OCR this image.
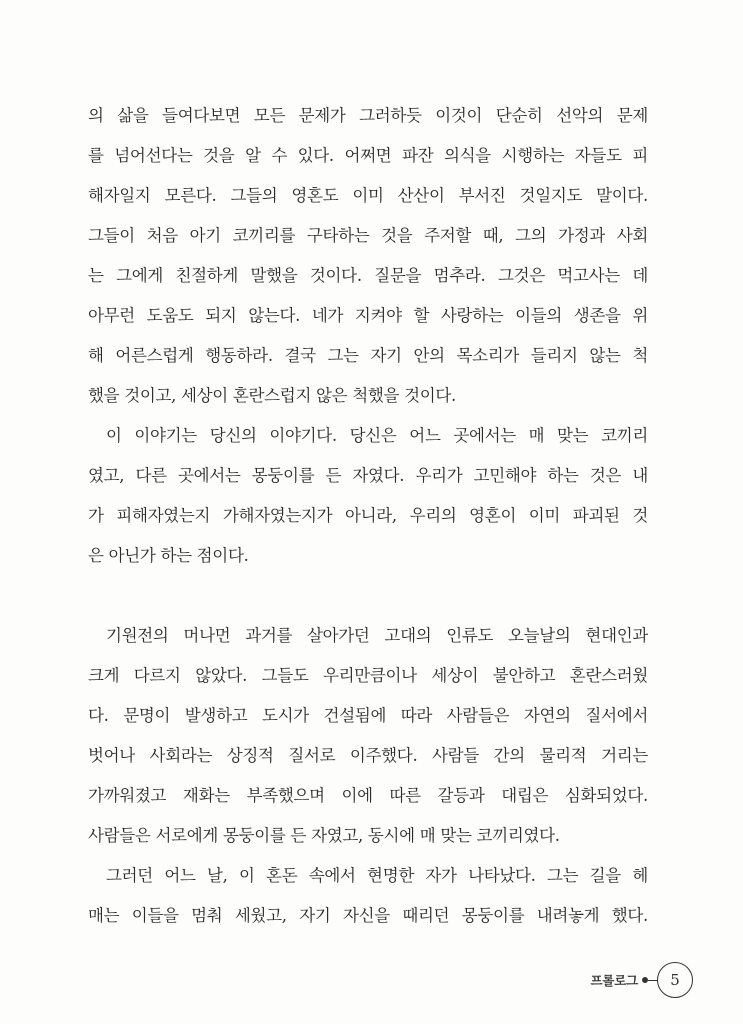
의 삶을 들여다보면 모든 문제가 그러하듯 이것이 단순히 선악의 문제
를 넘어선다는 것을 알 수 있다. 어쩌면 파잔 의식을 시행하는 자들도 피
해자일지 모른다. 그들의 영혼도 이미 산산이 부서진 것일지도 말이다.
그들이 처음 아기 코끼리를 구타하는 것을 주저할 때, 그의 가정과 사회
는 그에게 친절하게 말했을 것이다. 질문을 멈추라. 그것은 먹고사는 데
아무런 도움도 되지 않는다. 네가 지켜야 할 사랑하는 이들의 생존을 위
해 어른스럽게 행동하라. 결국 그는 자기 안의 목소리가 들리지 않는 척
했을 것이고, 세상이 혼란스럽지 않은 척했을 것이다.
이 이야기는 당신의 이야기다. 당신은 어느 곳에서는 매 맞는 코끼리
였고, 다른 곳에서는 몽둥이를 든 자였다. 우리가 고민해야 하는 것은 내
가 피해자였는지 가해자였는지가 아니라, 우리의 영혼이 이미 파괴된 것
은 아닌가 하는 점이다.
기원전의 머나먼 과거를 살아가던 고대의 인류도 오늘날의 현대인과
크게 다르지 않았다. 그들도 우리만큼이나 세상이 불안하고 혼란스러웠
다. 문명이 발생하고 도시가 건설됨에 따라 사람들은 자연의 질서에서
벗어나 사회라는 상징적 질서로 이주했다. 사람들 간의 물리적 거리는
가까워졌고 재화는 부족했으며 이에 따른 갈등과 대립은 심화되었다.
사람들은 서로에게 몽둥이를 든 자였고, 동시에 매 맞는 코끼리였다.
그러던 어느 날, 이 혼돈 속에서 현명한 자가 나타났다. 그는 길을 헤
매는 이들을 멈춰 세웠고, 자기 자신을 때리던 몽둥이를 내려놓게 했다.
프롤로그 5
